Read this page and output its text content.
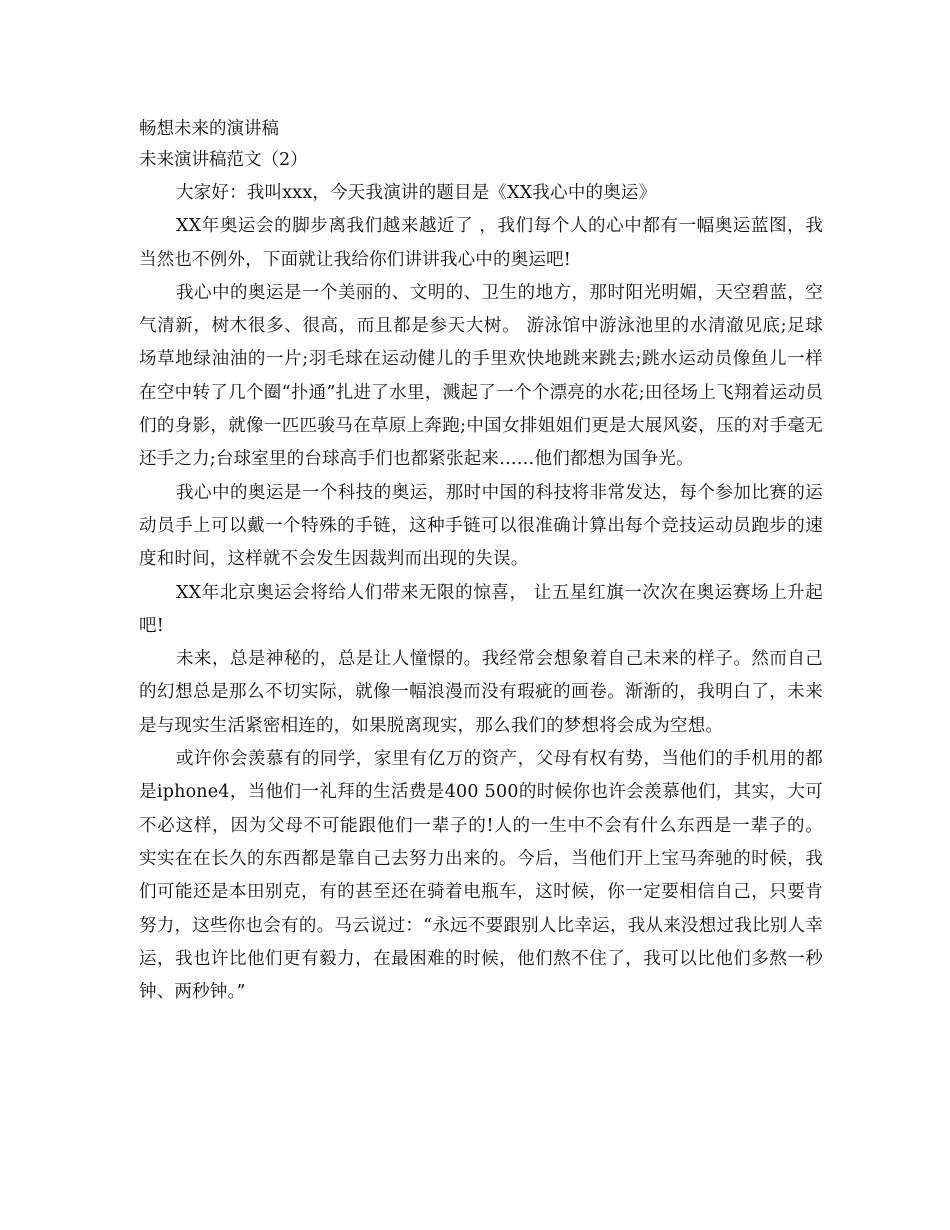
畅想未来的演讲稿

未来演讲稿范文（2）

大家好：我叫xxx，今天我演讲的题目是《XX我心中的奥运》

XX年奥运会的脚步离我们越来越近了 ，我们每个人的心中都有一幅奥运蓝图，我当然也不例外，下面就让我给你们讲讲我心中的奥运吧!

我心中的奥运是一个美丽的、文明的、卫生的地方，那时阳光明媚，天空碧蓝，空气清新，树木很多、很高，而且都是参天大树。 游泳馆中游泳池里的水清澈见底;足球场草地绿油油的一片;羽毛球在运动健儿的手里欢快地跳来跳去;跳水运动员像鱼儿一样在空中转了几个圈“扑通”扎进了水里，溅起了一个个漂亮的水花;田径场上飞翔着运动员们的身影，就像一匹匹骏马在草原上奔跑;中国女排姐姐们更是大展风姿，压的对手毫无还手之力;台球室里的台球高手们也都紧张起来……他们都想为国争光。

我心中的奥运是一个科技的奥运，那时中国的科技将非常发达，每个参加比赛的运动员手上可以戴一个特殊的手链，这种手链可以很准确计算出每个竞技运动员跑步的速度和时间，这样就不会发生因裁判而出现的失误。

XX年北京奥运会将给人们带来无限的惊喜， 让五星红旗一次次在奥运赛场上升起吧!

未来，总是神秘的，总是让人憧憬的。我经常会想象着自己未来的样子。然而自己的幻想总是那么不切实际，就像一幅浪漫而没有瑕疵的画卷。渐渐的，我明白了，未来是与现实生活紧密相连的，如果脱离现实，那么我们的梦想将会成为空想。

或许你会羡慕有的同学，家里有亿万的资产，父母有权有势，当他们的手机用的都是iphone4，当他们一礼拜的生活费是400 500的时候你也许会羡慕他们，其实，大可不必这样，因为父母不可能跟他们一辈子的!人的一生中不会有什么东西是一辈子的。 实实在在长久的东西都是靠自己去努力出来的。今后，当他们开上宝马奔驰的时候，我们可能还是本田别克，有的甚至还在骑着电瓶车，这时候，你一定要相信自己，只要肯努力，这些你也会有的。马云说过：“永远不要跟别人比幸运，我从来没想过我比别人幸运，我也许比他们更有毅力，在最困难的时候，他们熬不住了，我可以比他们多熬一秒钟、两秒钟。”
